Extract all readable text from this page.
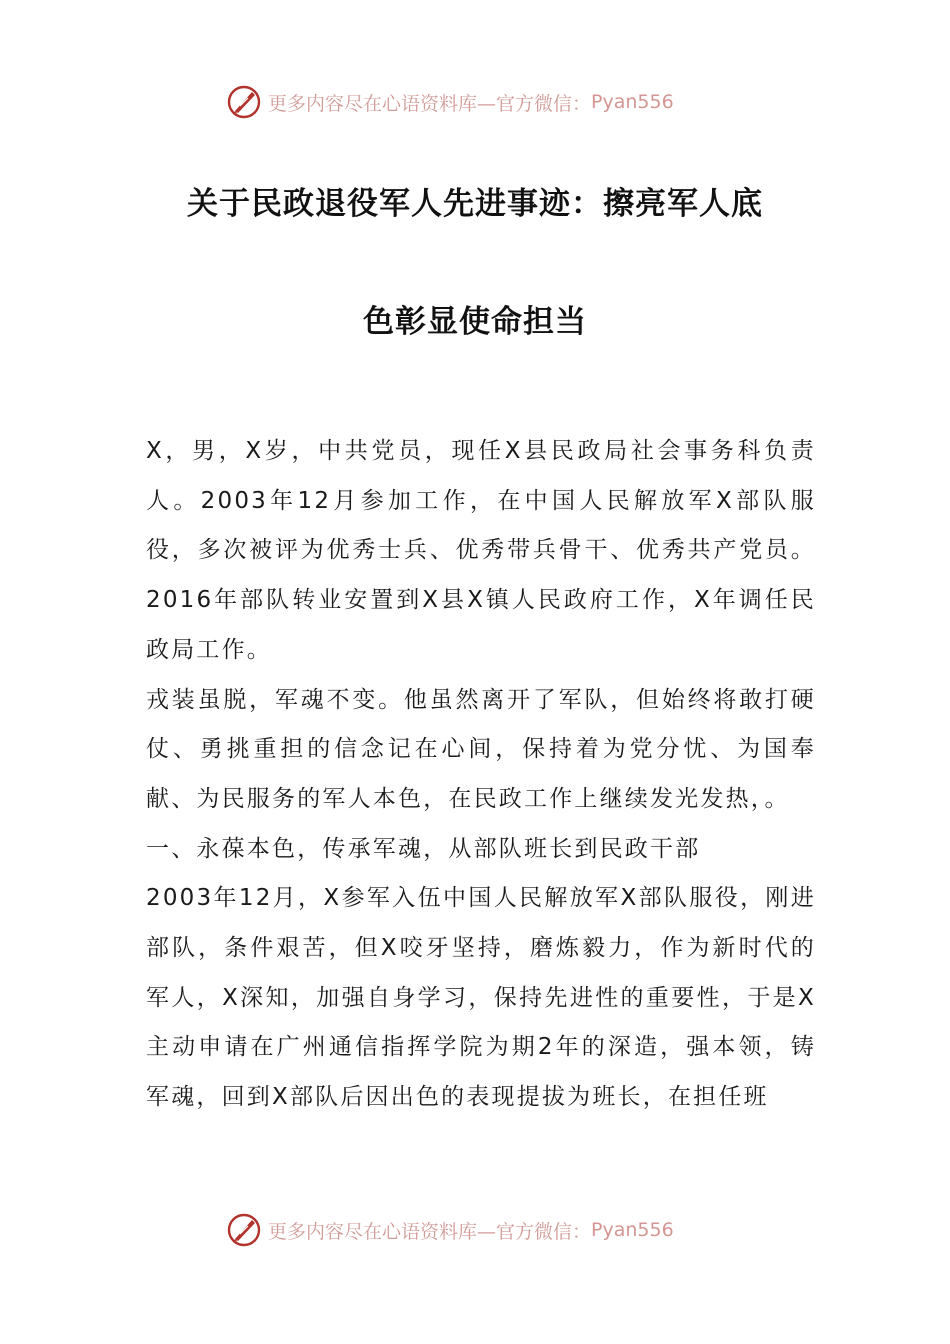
更多内容尽在心语资料库—官方微信： Pyan556
关于民政退役军人先进事迹：擦亮军人底
色彰显使命担当

X，男，X岁，中共党员，现任X县民政局社会事务科负责人。2003年12月参加工作，在中国人民解放军X部队服役，多次被评为优秀士兵、优秀带兵骨干、优秀共产党员。2016年部队转业安置到X县X镇人民政府工作，X年调任民政局工作。

戎装虽脱，军魂不变。他虽然离开了军队，但始终将敢打硬仗、勇挑重担的信念记在心间，保持着为党分忧、为国奉献、为民服务的军人本色，在民政工作上继续发光发热，。

一、永葆本色，传承军魂，从部队班长到民政干部

2003年12月，X参军入伍中国人民解放军X部队服役，刚进部队，条件艰苦，但X咬牙坚持，磨炼毅力，作为新时代的军人，X深知，加强自身学习，保持先进性的重要性，于是X主动申请在广州通信指挥学院为期2年的深造，强本领，铸军魂，回到X部队后因出色的表现提拔为班长，在担任班

更多内容尽在心语资料库—官方微信： Pyan556
